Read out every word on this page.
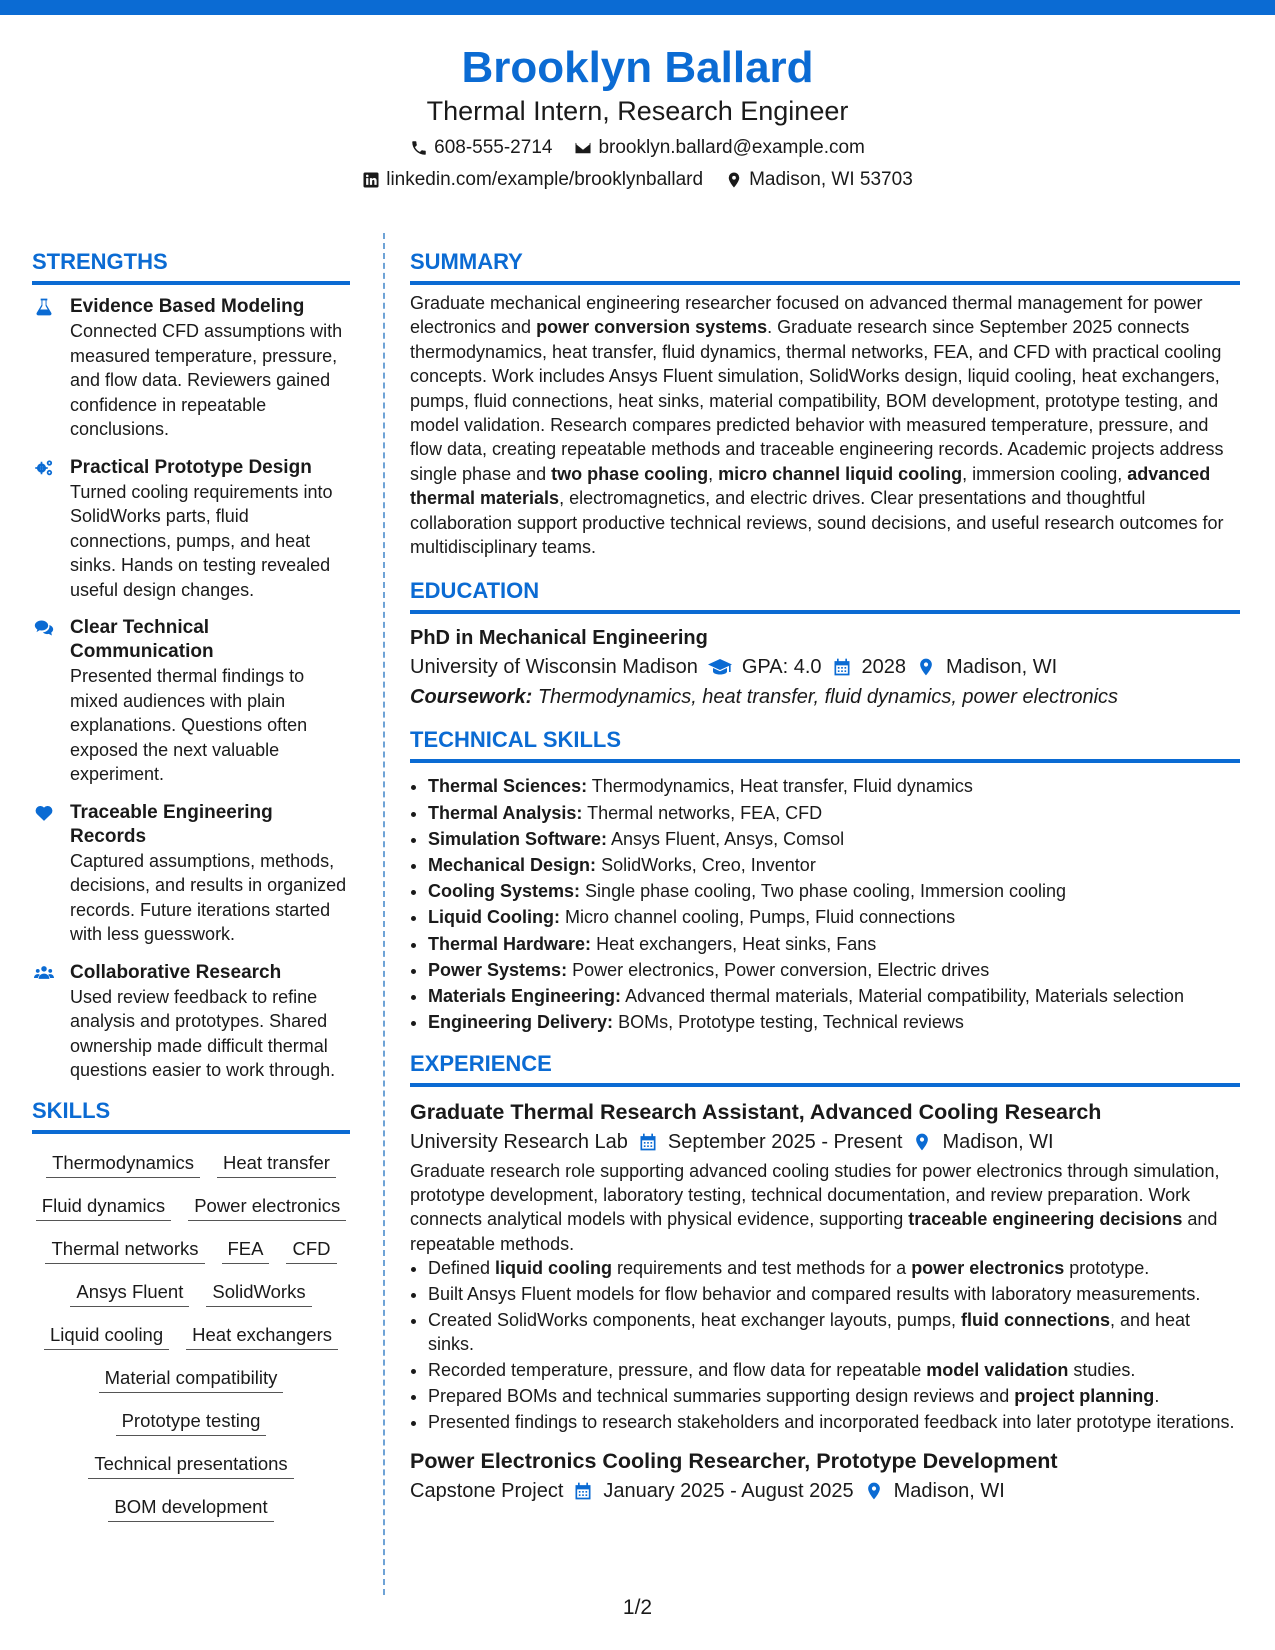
Brooklyn Ballard
Thermal Intern, Research Engineer
608-555-2714 brooklyn.ballard@example.com
linkedin.com/example/brooklynballard Madison, WI 53703
STRENGTHS
Evidence Based Modeling
Connected CFD assumptions with measured temperature, pressure, and flow data. Reviewers gained confidence in repeatable conclusions.
Practical Prototype Design
Turned cooling requirements into SolidWorks parts, fluid connections, pumps, and heat sinks. Hands on testing revealed useful design changes.
Clear Technical Communication
Presented thermal findings to mixed audiences with plain explanations. Questions often exposed the next valuable experiment.
Traceable Engineering Records
Captured assumptions, methods, decisions, and results in organized records. Future iterations started with less guesswork.
Collaborative Research
Used review feedback to refine analysis and prototypes. Shared ownership made difficult thermal questions easier to work through.
SKILLS
Thermodynamics	Heat transfer
Fluid dynamics	Power electronics
Thermal networks	FEA	CFD
Ansys Fluent	SolidWorks
Liquid cooling	Heat exchangers
Material compatibility
Prototype testing
Technical presentations
BOM development
SUMMARY
Graduate mechanical engineering researcher focused on advanced thermal management for power electronics and power conversion systems. Graduate research since September 2025 connects thermodynamics, heat transfer, fluid dynamics, thermal networks, FEA, and CFD with practical cooling concepts. Work includes Ansys Fluent simulation, SolidWorks design, liquid cooling, heat exchangers, pumps, fluid connections, heat sinks, material compatibility, BOM development, prototype testing, and model validation. Research compares predicted behavior with measured temperature, pressure, and flow data, creating repeatable methods and traceable engineering records. Academic projects address single phase and two phase cooling, micro channel liquid cooling, immersion cooling, advanced thermal materials, electromagnetics, and electric drives. Clear presentations and thoughtful collaboration support productive technical reviews, sound decisions, and useful research outcomes for multidisciplinary teams.
EDUCATION
PhD in Mechanical Engineering
University of Wisconsin Madison GPA: 4.0 2028 Madison, WI
Coursework: Thermodynamics, heat transfer, fluid dynamics, power electronics
TECHNICAL SKILLS
• Thermal Sciences: Thermodynamics, Heat transfer, Fluid dynamics
• Thermal Analysis: Thermal networks, FEA, CFD
• Simulation Software: Ansys Fluent, Ansys, Comsol
• Mechanical Design: SolidWorks, Creo, Inventor
• Cooling Systems: Single phase cooling, Two phase cooling, Immersion cooling
• Liquid Cooling: Micro channel cooling, Pumps, Fluid connections
• Thermal Hardware: Heat exchangers, Heat sinks, Fans
• Power Systems: Power electronics, Power conversion, Electric drives
• Materials Engineering: Advanced thermal materials, Material compatibility, Materials selection
• Engineering Delivery: BOMs, Prototype testing, Technical reviews
EXPERIENCE
Graduate Thermal Research Assistant, Advanced Cooling Research
University Research Lab September 2025 - Present Madison, WI
Graduate research role supporting advanced cooling studies for power electronics through simulation, prototype development, laboratory testing, technical documentation, and review preparation. Work connects analytical models with physical evidence, supporting traceable engineering decisions and repeatable methods.
• Defined liquid cooling requirements and test methods for a power electronics prototype.
• Built Ansys Fluent models for flow behavior and compared results with laboratory measurements.
• Created SolidWorks components, heat exchanger layouts, pumps, fluid connections, and heat sinks.
• Recorded temperature, pressure, and flow data for repeatable model validation studies.
• Prepared BOMs and technical summaries supporting design reviews and project planning.
• Presented findings to research stakeholders and incorporated feedback into later prototype iterations.
Power Electronics Cooling Researcher, Prototype Development
Capstone Project January 2025 - August 2025 Madison, WI
1/2
